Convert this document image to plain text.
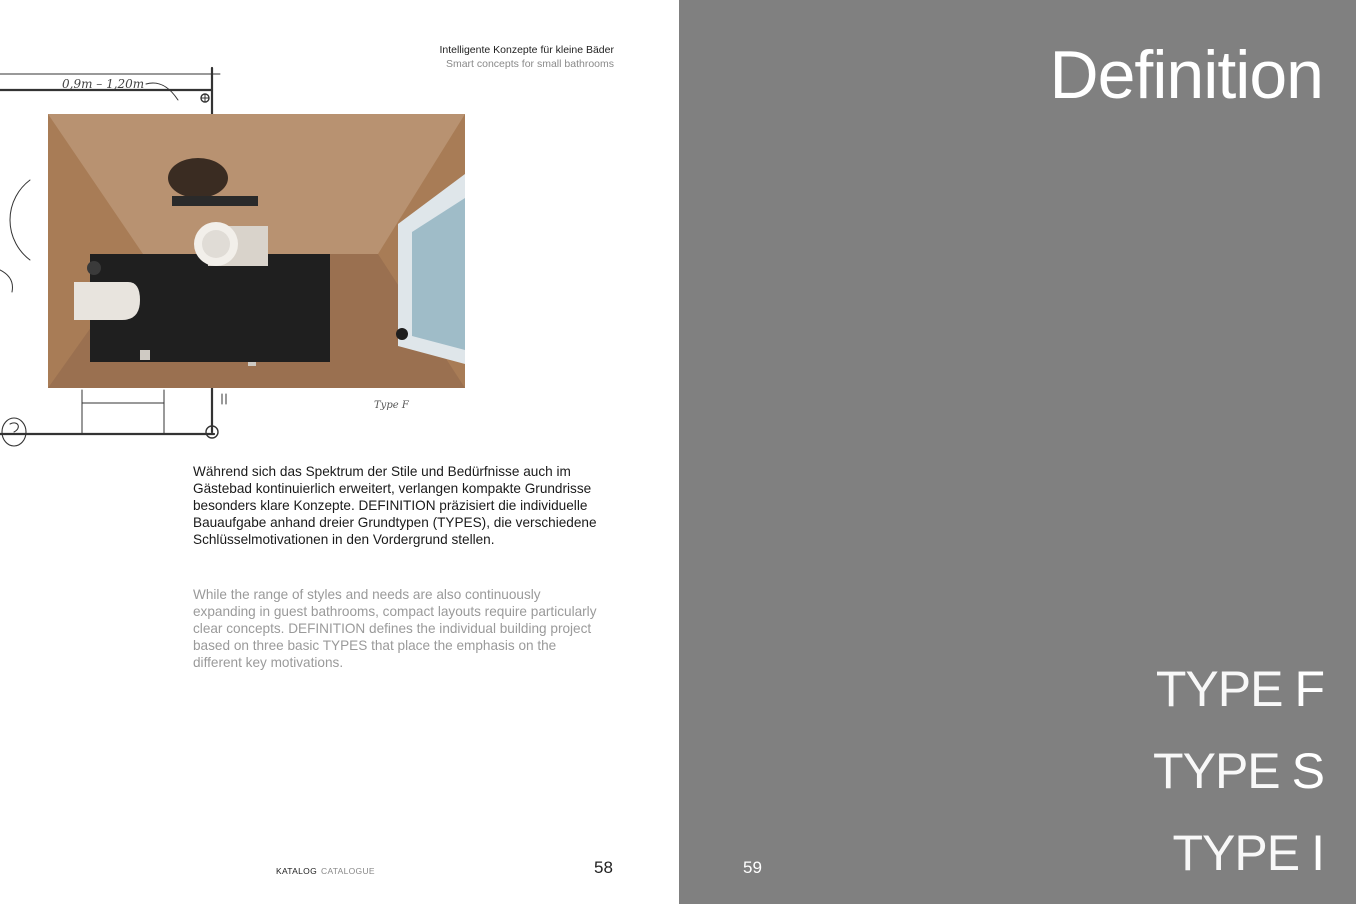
Intelligente Konzepte für kleine Bäder
Smart concepts for small bathrooms
0,9m – 1,20m
Type F

Während sich das Spektrum der Stile und Bedürfnisse auch im Gästebad kontinuierlich erweitert, verlangen kompakte Grundrisse besonders klare Konzepte. DEFINITION präzisiert die individuelle Bauaufgabe anhand dreier Grundtypen (TYPES), die verschiedene Schlüsselmotivationen in den Vordergrund stellen.

While the range of styles and needs are also continuously expanding in guest bathrooms, compact layouts require particularly clear concepts. DEFINITION defines the individual building project based on three basic TYPES that place the emphasis on the different key motivations.

KATALOG CATALOGUE	58
Definition
TYPE F
TYPE S
TYPE I
59
